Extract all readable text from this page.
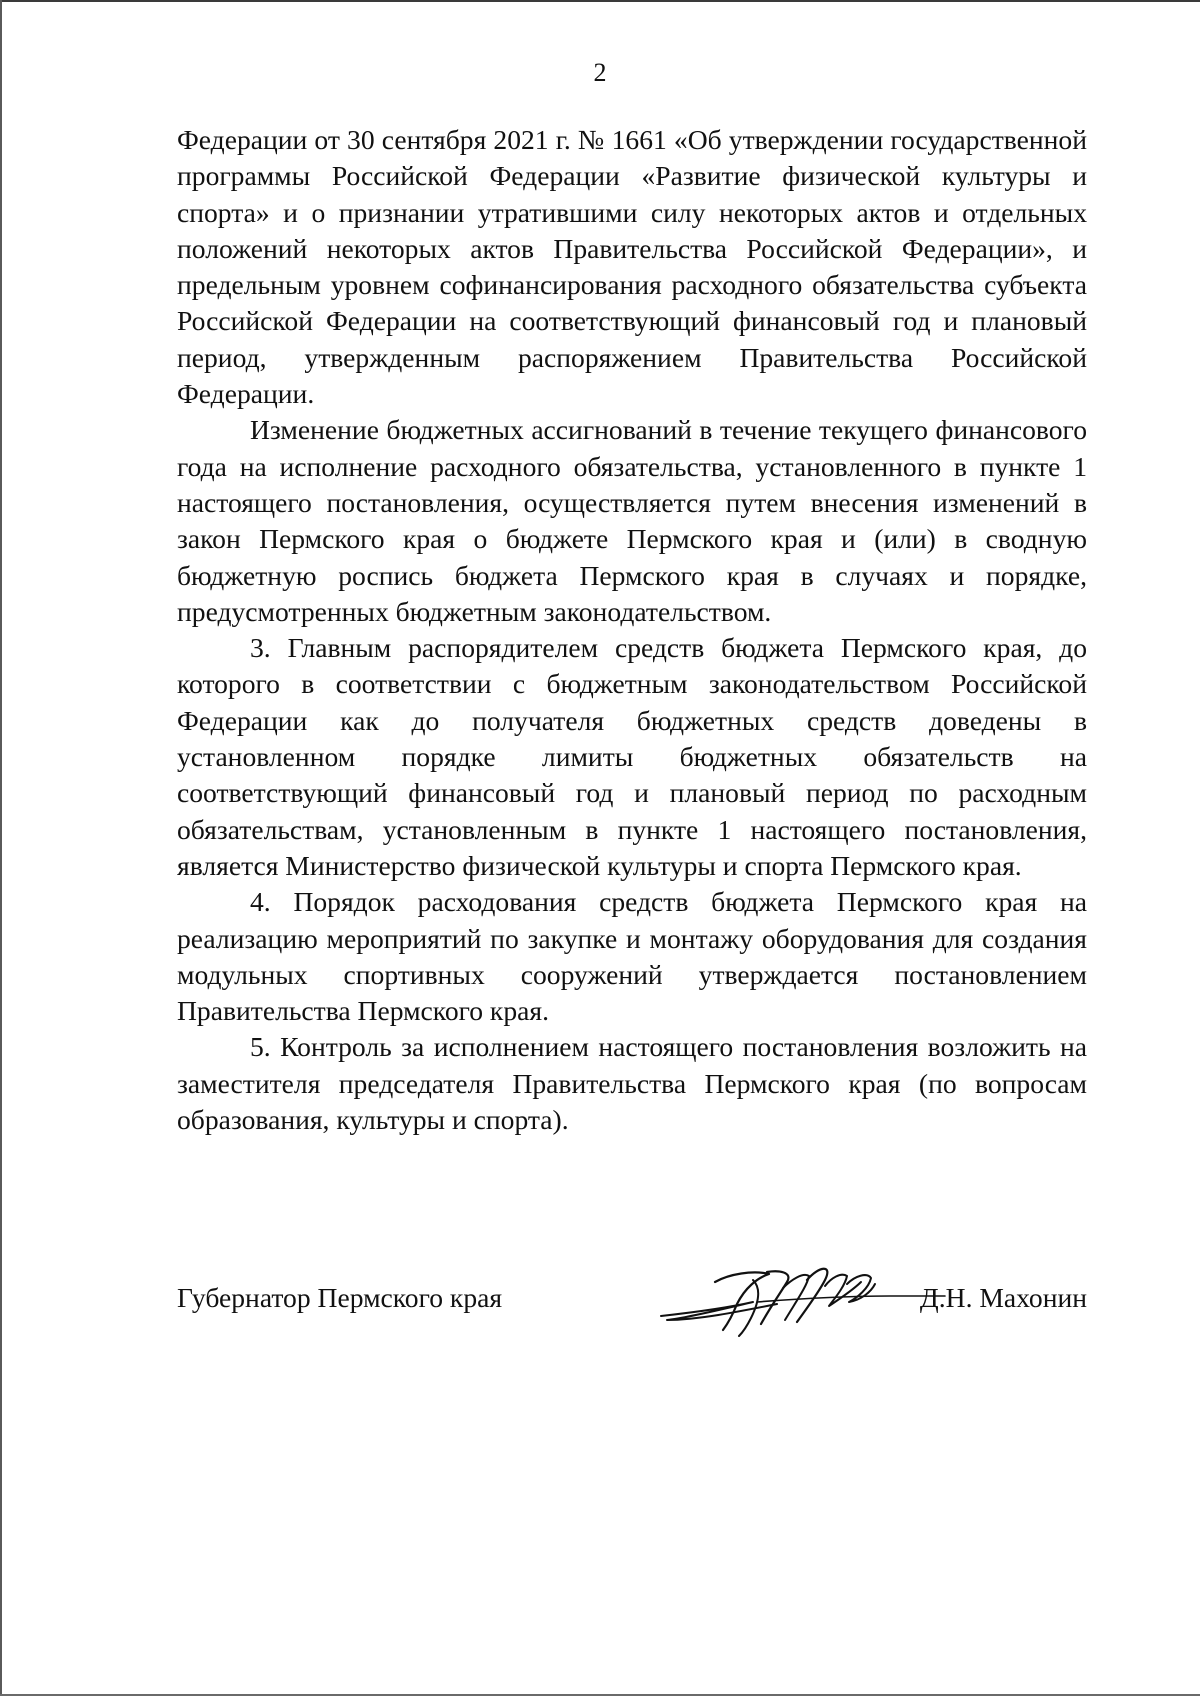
2

Федерации от 30 сентября 2021 г. № 1661 «Об утверждении государственной программы Российской Федерации «Развитие физической культуры и спорта» и о признании утратившими силу некоторых актов и отдельных положений некоторых актов Правительства Российской Федерации», и предельным уровнем софинансирования расходного обязательства субъекта Российской Федерации на соответствующий финансовый год и плановый период, утвержденным распоряжением Правительства Российской Федерации.

Изменение бюджетных ассигнований в течение текущего финансового года на исполнение расходного обязательства, установленного в пункте 1 настоящего постановления, осуществляется путем внесения изменений в закон Пермского края о бюджете Пермского края и (или) в сводную бюджетную роспись бюджета Пермского края в случаях и порядке, предусмотренных бюджетным законодательством.

3. Главным распорядителем средств бюджета Пермского края, до которого в соответствии с бюджетным законодательством Российской Федерации как до получателя бюджетных средств доведены в установленном порядке лимиты бюджетных обязательств на соответствующий финансовый год и плановый период по расходным обязательствам, установленным в пункте 1 настоящего постановления, является Министерство физической культуры и спорта Пермского края.

4. Порядок расходования средств бюджета Пермского края на реализацию мероприятий по закупке и монтажу оборудования для создания модульных спортивных сооружений утверждается постановлением Правительства Пермского края.

5. Контроль за исполнением настоящего постановления возложить на заместителя председателя Правительства Пермского края (по вопросам образования, культуры и спорта).

Губернатор Пермского края	Д.Н. Махонин
